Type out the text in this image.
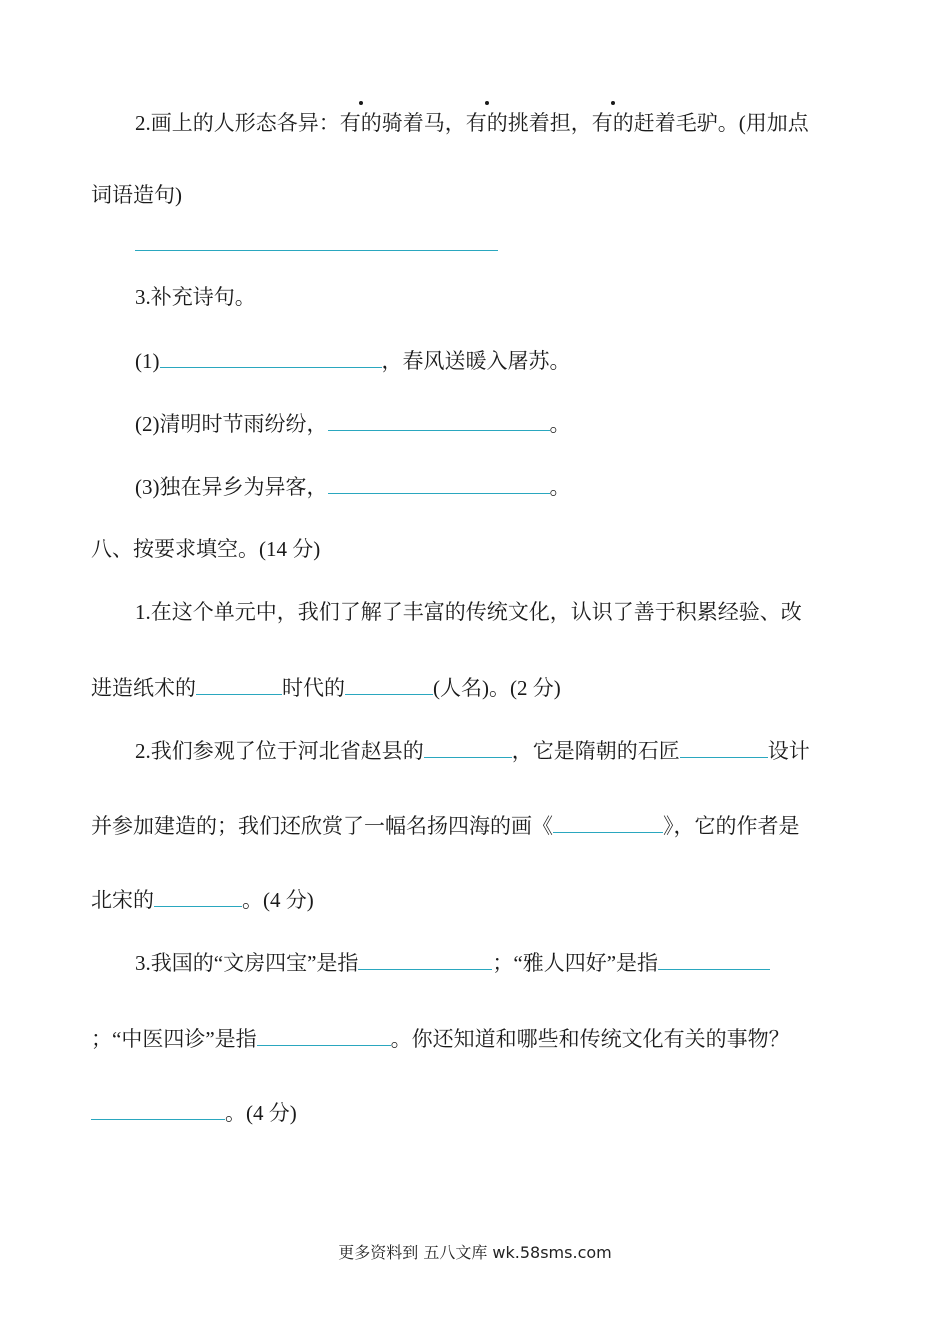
2.画上的人形态各异：有的骑着马，有的挑着担，有的赶着毛驴。(用加点
词语造句)
3.补充诗句。
(1)	，春风送暖入屠苏。
(2)清明时节雨纷纷，	。
(3)独在异乡为异客，	。
八、按要求填空。(14 分)
1.在这个单元中，我们了解了丰富的传统文化，认识了善于积累经验、改
进造纸术的	时代的	(人名)。(2 分)
2.我们参观了位于河北省赵县的	，它是隋朝的石匠	设计
并参加建造的；我们还欣赏了一幅名扬四海的画《	》，它的作者是
北宋的	。(4 分)
3.我国的“文房四宝”是指	；“雅人四好”是指
；“中医四诊”是指	。你还知道和哪些和传统文化有关的事物？
。(4 分)
更多资料到 五八文库 wk.58sms.com
